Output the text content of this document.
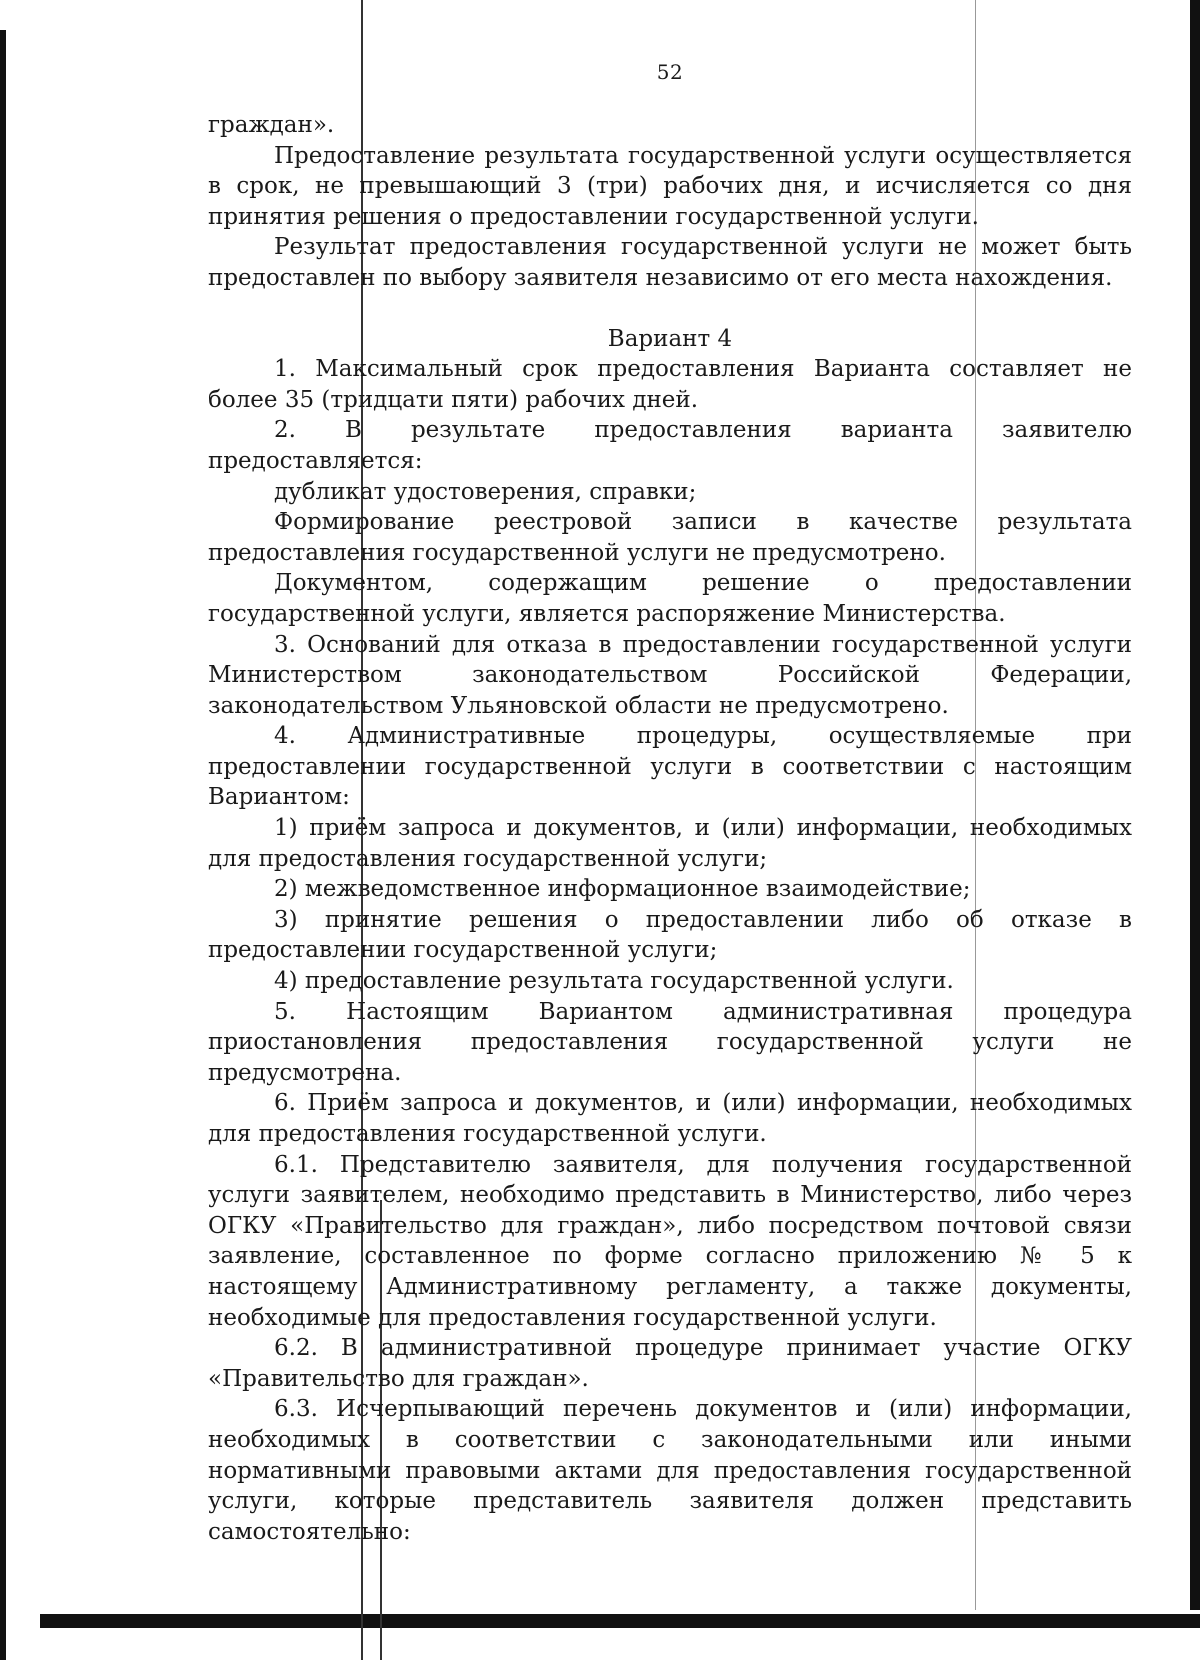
52

граждан».

Предоставление результата государственной услуги осуществляется в срок, не превышающий 3 (три) рабочих дня, и исчисляется со дня принятия решения о предоставлении государственной услуги.

Результат предоставления государственной услуги не может быть предоставлен по выбору заявителя независимо от его места нахождения.

Вариант 4

1. Максимальный срок предоставления Варианта составляет не более 35 (тридцати пяти) рабочих дней.

2. В результате предоставления варианта заявителю предоставляется:

дубликат удостоверения, справки;

Формирование реестровой записи в качестве результата предоставления государственной услуги не предусмотрено.

Документом, содержащим решение о предоставлении государственной услуги, является распоряжение Министерства.

3. Оснований для отказа в предоставлении государственной услуги Министерством законодательством Российской Федерации, законодательством Ульяновской области не предусмотрено.

4. Административные процедуры, осуществляемые при предоставлении государственной услуги в соответствии с настоящим Вариантом:

1) приём запроса и документов, и (или) информации, необходимых для предоставления государственной услуги;

2) межведомственное информационное взаимодействие;

3) принятие решения о предоставлении либо об отказе в предоставлении государственной услуги;

4) предоставление результата государственной услуги.

5. Настоящим Вариантом административная процедура приостановления предоставления государственной услуги не предусмотрена.

6. Приём запроса и документов, и (или) информации, необходимых для предоставления государственной услуги.

6.1. Представителю заявителя, для получения государственной услуги заявителем, необходимо представить в Министерство, либо через ОГКУ «Правительство для граждан», либо посредством почтовой связи заявление, составленное по форме согласно приложению № 5 к настоящему Административному регламенту, а также документы, необходимые для предоставления государственной услуги.

6.2. В административной процедуре принимает участие ОГКУ «Правительство для граждан».

6.3. Исчерпывающий перечень документов и (или) информации, необходимых в соответствии с законодательными или иными нормативными правовыми актами для предоставления государственной услуги, которые представитель заявителя должен представить самостоятельно:
